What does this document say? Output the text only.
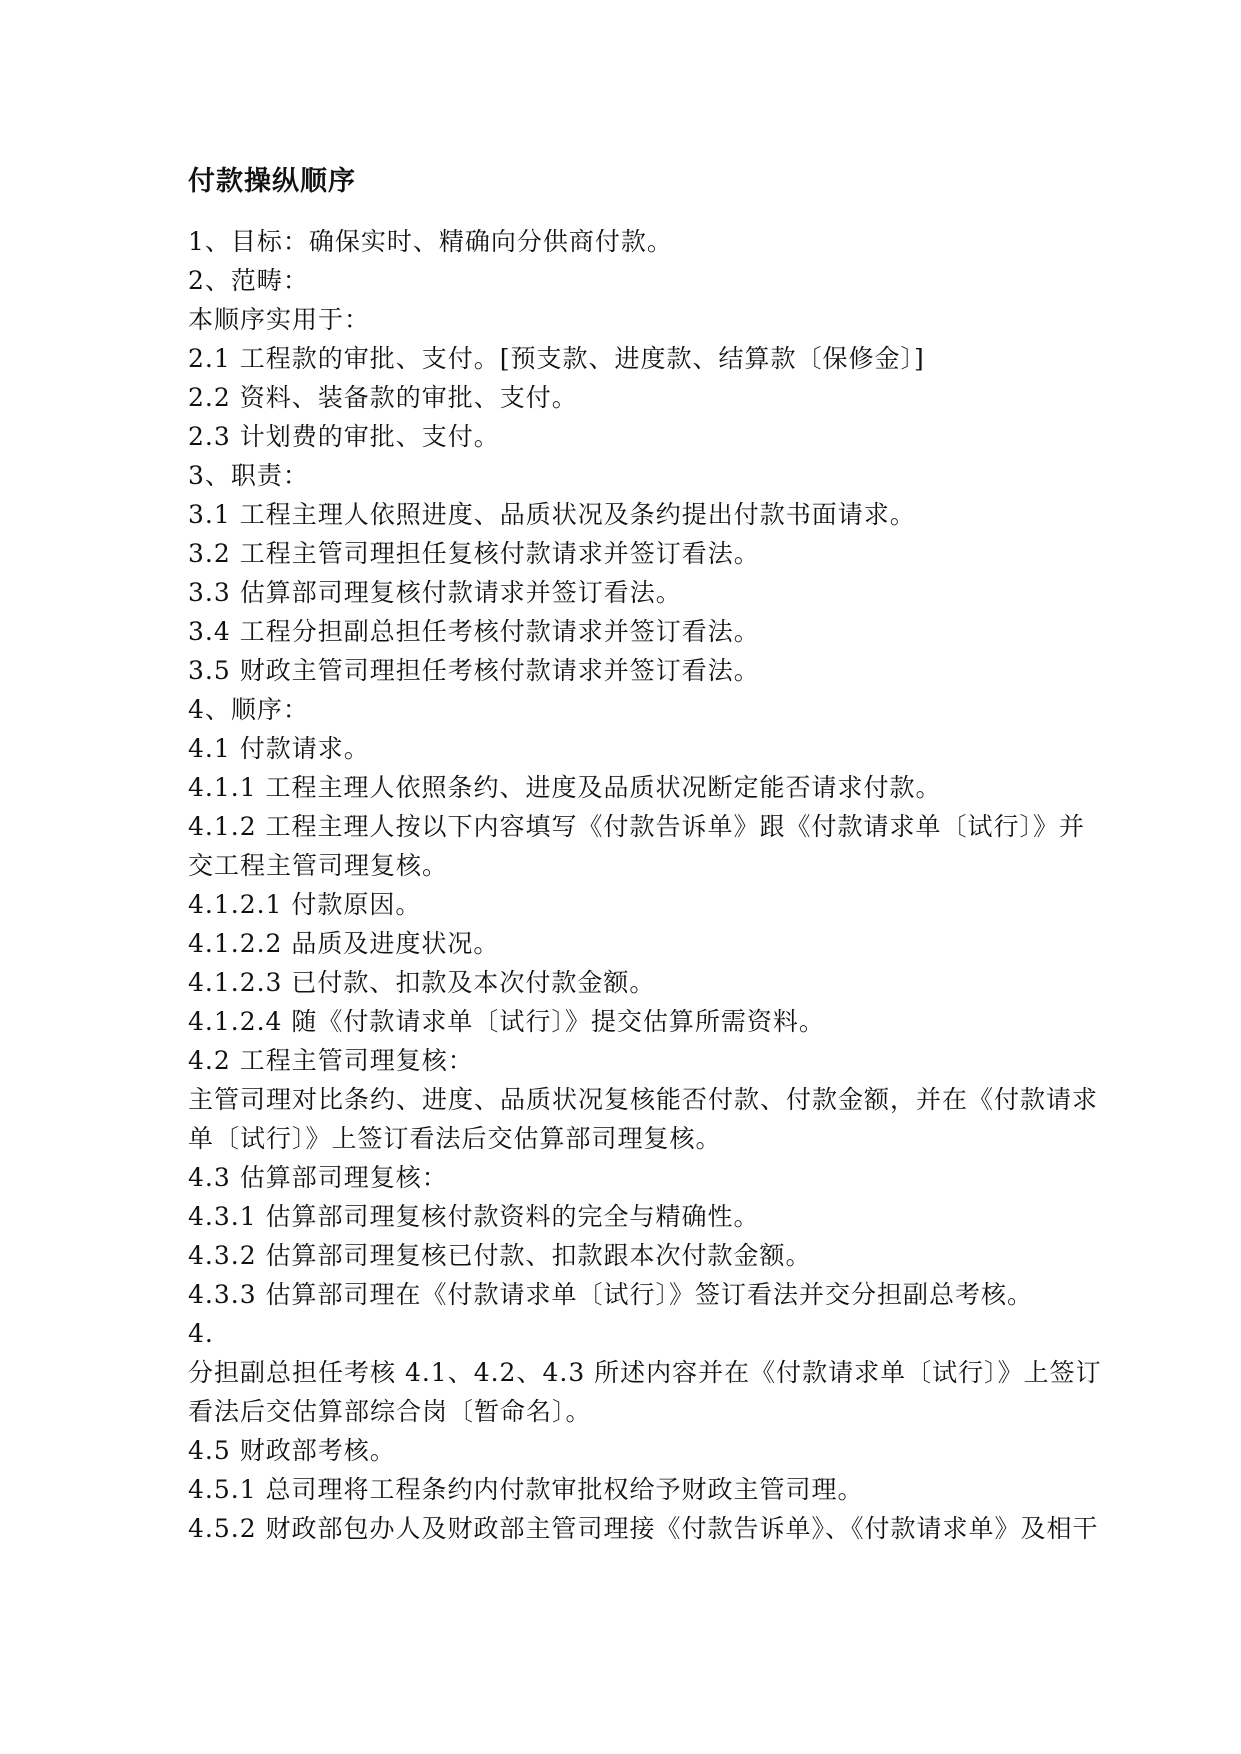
付款操纵顺序
1、目标：确保实时、精确向分供商付款。
2、范畴：
本顺序实用于：
2.1 工程款的审批、支付。[预支款、进度款、结算款〔保修金〕]
2.2 资料、装备款的审批、支付。
2.3 计划费的审批、支付。
3、职责：
3.1 工程主理人依照进度、品质状况及条约提出付款书面请求。
3.2 工程主管司理担任复核付款请求并签订看法。
3.3 估算部司理复核付款请求并签订看法。
3.4 工程分担副总担任考核付款请求并签订看法。
3.5 财政主管司理担任考核付款请求并签订看法。
4、顺序：
4.1 付款请求。
4.1.1 工程主理人依照条约、进度及品质状况断定能否请求付款。
4.1.2 工程主理人按以下内容填写《付款告诉单》跟《付款请求单〔试行〕》并
交工程主管司理复核。
4.1.2.1 付款原因。
4.1.2.2 品质及进度状况。
4.1.2.3 已付款、扣款及本次付款金额。
4.1.2.4 随《付款请求单〔试行〕》提交估算所需资料。
4.2 工程主管司理复核：
主管司理对比条约、进度、品质状况复核能否付款、付款金额，并在《付款请求
单〔试行〕》上签订看法后交估算部司理复核。
4.3 估算部司理复核：
4.3.1 估算部司理复核付款资料的完全与精确性。
4.3.2 估算部司理复核已付款、扣款跟本次付款金额。
4.3.3 估算部司理在《付款请求单〔试行〕》签订看法并交分担副总考核。
4.
分担副总担任考核 4.1、4.2、4.3 所述内容并在《付款请求单〔试行〕》上签订
看法后交估算部综合岗〔暂命名〕。
4.5 财政部考核。
4.5.1 总司理将工程条约内付款审批权给予财政主管司理。
4.5.2 财政部包办人及财政部主管司理接《付款告诉单》、《付款请求单》及相干
